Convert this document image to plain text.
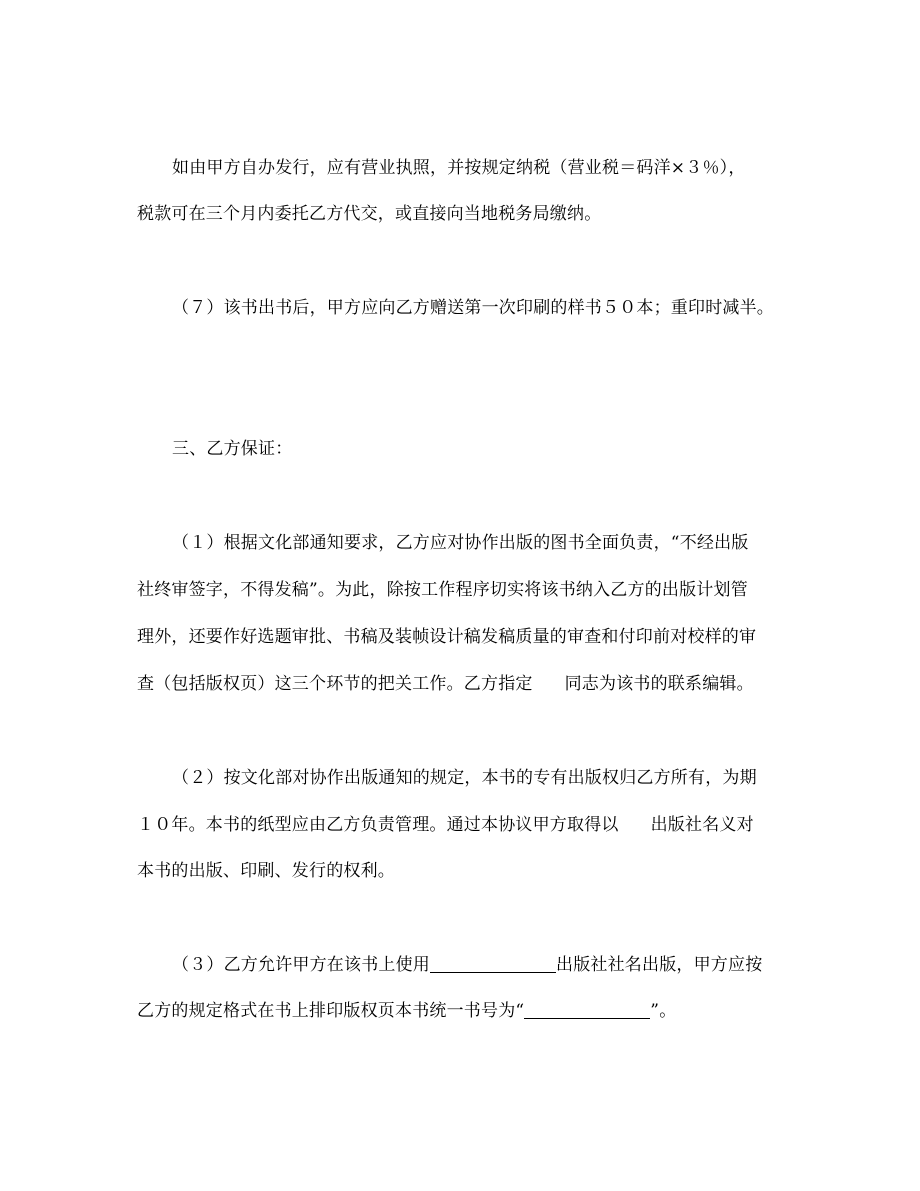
如由甲方自办发行，应有营业执照，并按规定纳税（营业税＝码洋×３％），
税款可在三个月内委托乙方代交，或直接向当地税务局缴纳。
（７）该书出书后，甲方应向乙方赠送第一次印刷的样书５０本；重印时减半。
三、乙方保证：
（１）根据文化部通知要求，乙方应对协作出版的图书全面负责，“不经出版
社终审签字，不得发稿”。为此，除按工作程序切实将该书纳入乙方的出版计划管
理外，还要作好选题审批、书稿及装帧设计稿发稿质量的审查和付印前对校样的审
查（包括版权页）这三个环节的把关工作。乙方指定 同志为该书的联系编辑。
（２）按文化部对协作出版通知的规定，本书的专有出版权归乙方所有，为期
１０年。本书的纸型应由乙方负责管理。通过本协议甲方取得以 出版社名义对
本书的出版、印刷、发行的权利。
（３）乙方允许甲方在该书上使用	出版社社名出版，甲方应按
乙方的规定格式在书上排印版权页本书统一书号为“	”。
